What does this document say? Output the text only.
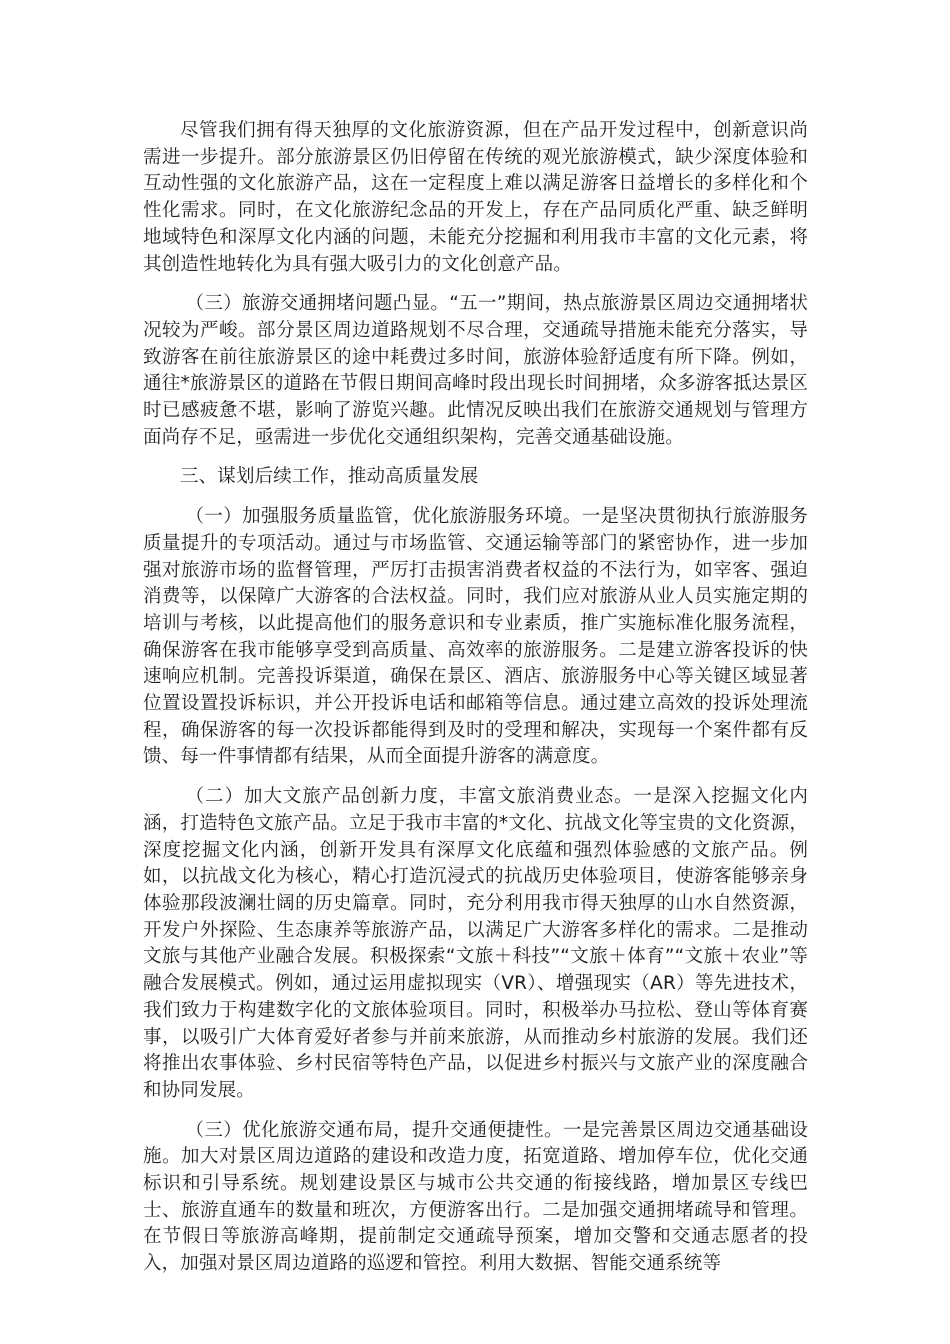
尽管我们拥有得天独厚的文化旅游资源，但在产品开发过程中，创新意识尚需进一步提升。部分旅游景区仍旧停留在传统的观光旅游模式，缺少深度体验和互动性强的文化旅游产品，这在一定程度上难以满足游客日益增长的多样化和个性化需求。同时，在文化旅游纪念品的开发上，存在产品同质化严重、缺乏鲜明地域特色和深厚文化内涵的问题，未能充分挖掘和利用我市丰富的文化元素，将其创造性地转化为具有强大吸引力的文化创意产品。

（三）旅游交通拥堵问题凸显。“五一”期间，热点旅游景区周边交通拥堵状况较为严峻。部分景区周边道路规划不尽合理，交通疏导措施未能充分落实，导致游客在前往旅游景区的途中耗费过多时间，旅游体验舒适度有所下降。例如，通往*旅游景区的道路在节假日期间高峰时段出现长时间拥堵，众多游客抵达景区时已感疲惫不堪，影响了游览兴趣。此情况反映出我们在旅游交通规划与管理方面尚存不足，亟需进一步优化交通组织架构，完善交通基础设施。

三、谋划后续工作，推动高质量发展

（一）加强服务质量监管，优化旅游服务环境。一是坚决贯彻执行旅游服务质量提升的专项活动。通过与市场监管、交通运输等部门的紧密协作，进一步加强对旅游市场的监督管理，严厉打击损害消费者权益的不法行为，如宰客、强迫消费等，以保障广大游客的合法权益。同时，我们应对旅游从业人员实施定期的培训与考核，以此提高他们的服务意识和专业素质，推广实施标准化服务流程，确保游客在我市能够享受到高质量、高效率的旅游服务。二是建立游客投诉的快速响应机制。完善投诉渠道，确保在景区、酒店、旅游服务中心等关键区域显著位置设置投诉标识，并公开投诉电话和邮箱等信息。通过建立高效的投诉处理流程，确保游客的每一次投诉都能得到及时的受理和解决，实现每一个案件都有反馈、每一件事情都有结果，从而全面提升游客的满意度。

（二）加大文旅产品创新力度，丰富文旅消费业态。一是深入挖掘文化内涵，打造特色文旅产品。立足于我市丰富的*文化、抗战文化等宝贵的文化资源，深度挖掘文化内涵，创新开发具有深厚文化底蕴和强烈体验感的文旅产品。例如，以抗战文化为核心，精心打造沉浸式的抗战历史体验项目，使游客能够亲身体验那段波澜壮阔的历史篇章。同时，充分利用我市得天独厚的山水自然资源，开发户外探险、生态康养等旅游产品，以满足广大游客多样化的需求。二是推动文旅与其他产业融合发展。积极探索“文旅＋科技”“文旅＋体育”“文旅＋农业”等融合发展模式。例如，通过运用虚拟现实（VR）、增强现实（AR）等先进技术，我们致力于构建数字化的文旅体验项目。同时，积极举办马拉松、登山等体育赛事，以吸引广大体育爱好者参与并前来旅游，从而推动乡村旅游的发展。我们还将推出农事体验、乡村民宿等特色产品，以促进乡村振兴与文旅产业的深度融合和协同发展。

（三）优化旅游交通布局，提升交通便捷性。一是完善景区周边交通基础设施。加大对景区周边道路的建设和改造力度，拓宽道路、增加停车位，优化交通标识和引导系统。规划建设景区与城市公共交通的衔接线路，增加景区专线巴士、旅游直通车的数量和班次，方便游客出行。二是加强交通拥堵疏导和管理。在节假日等旅游高峰期，提前制定交通疏导预案，增加交警和交通志愿者的投入，加强对景区周边道路的巡逻和管控。利用大数据、智能交通系统等
